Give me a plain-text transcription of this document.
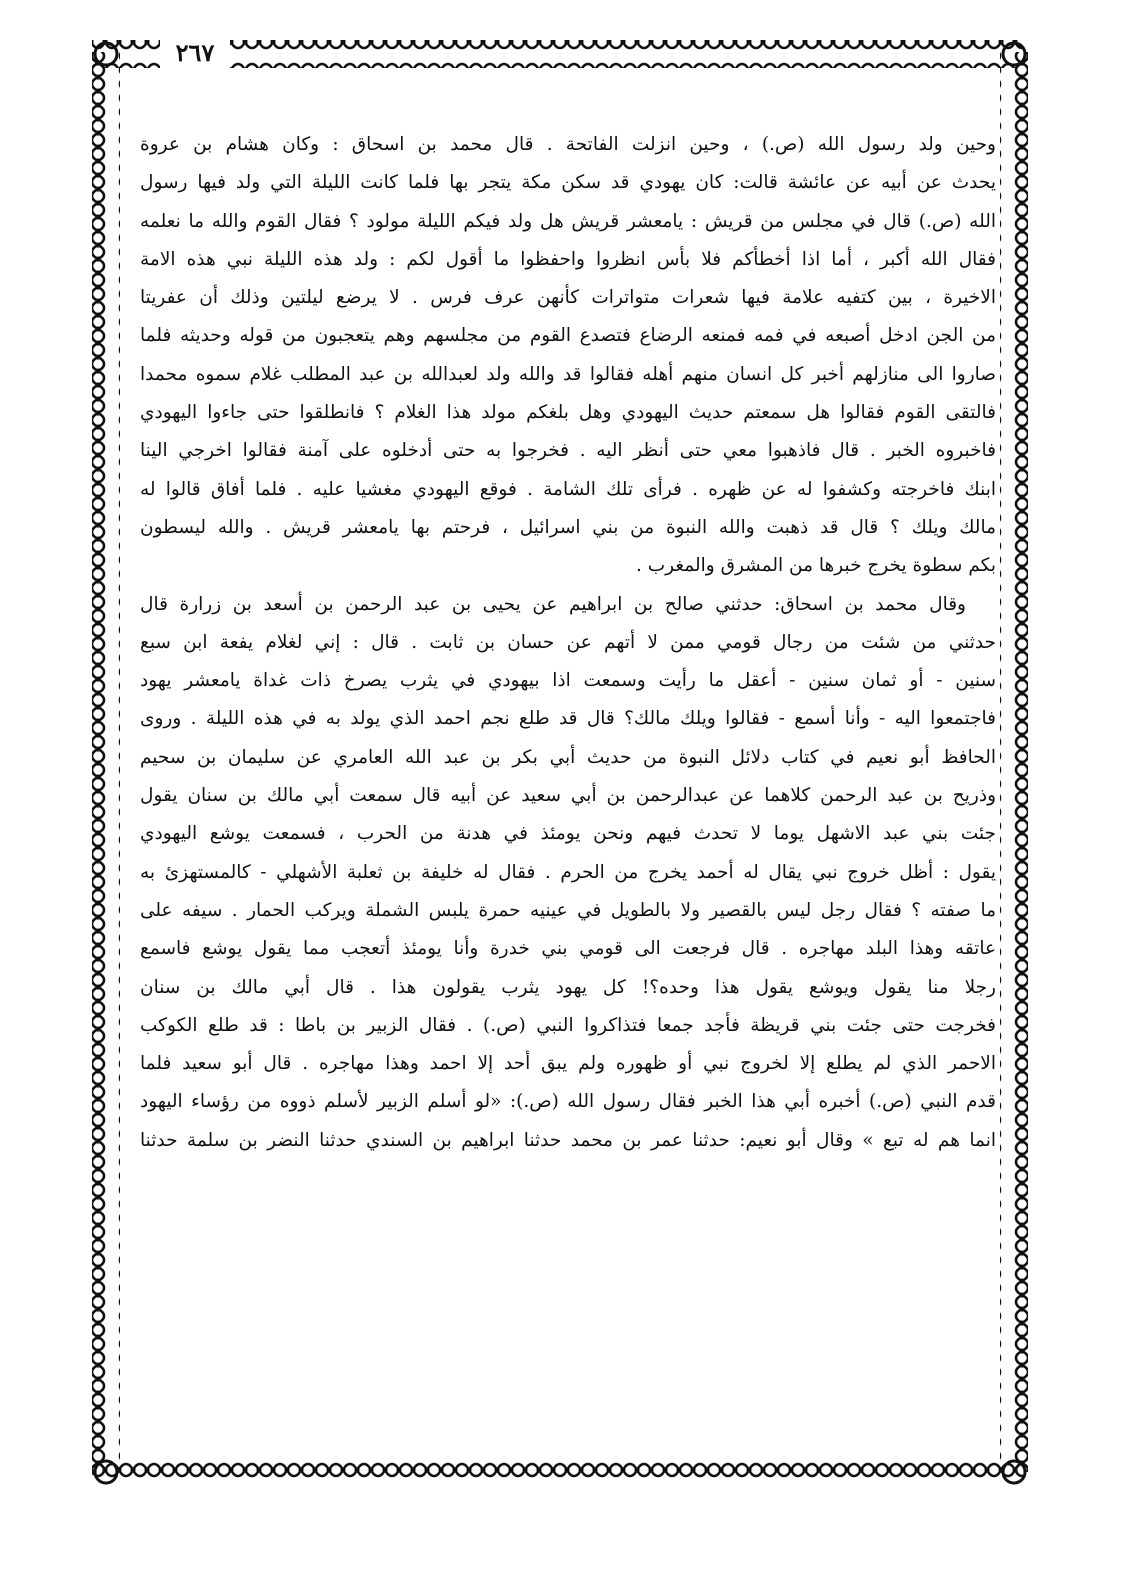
٢٦٧
وحين ولد رسول الله (ص.) ، وحين انزلت الفاتحة . قال محمد بن اسحاق : وكان هشام بن عروة
يحدث عن أبيه عن عائشة قالت: كان يهودي قد سكن مكة يتجر بها فلما كانت الليلة التي ولد فيها رسول
الله (ص.) قال في مجلس من قريش : يامعشر قريش هل ولد فيكم الليلة مولود ؟ فقال القوم والله ما نعلمه
فقال الله أكبر ، أما اذا أخطأكم فلا بأس انظروا واحفظوا ما أقول لكم : ولد هذه الليلة نبي هذه الامة
الاخيرة ، بين كتفيه علامة فيها شعرات متواترات كأنهن عرف فرس . لا يرضع ليلتين وذلك أن عفريتا
من الجن ادخل أصبعه في فمه فمنعه الرضاع فتصدع القوم من مجلسهم وهم يتعجبون من قوله وحديثه فلما
صاروا الى منازلهم أخبر كل انسان منهم أهله فقالوا قد والله ولد لعبدالله بن عبد المطلب غلام سموه محمدا
فالتقى القوم فقالوا هل سمعتم حديث اليهودي وهل بلغكم مولد هذا الغلام ؟ فانطلقوا حتى جاءوا اليهودي
فاخبروه الخبر . قال فاذهبوا معي حتى أنظر اليه . فخرجوا به حتى أدخلوه على آمنة فقالوا اخرجي الينا
ابنك فاخرجته وكشفوا له عن ظهره . فرأى تلك الشامة . فوقع اليهودي مغشيا عليه . فلما أفاق قالوا له
مالك ويلك ؟ قال قد ذهبت والله النبوة من بني اسرائيل ، فرحتم بها يامعشر قريش . والله ليسطون
بكم سطوة يخرج خبرها من المشرق والمغرب .
وقال محمد بن اسحاق: حدثني صالح بن ابراهيم عن يحيى بن عبد الرحمن بن أسعد بن زرارة قال
حدثني من شئت من رجال قومي ممن لا أتهم عن حسان بن ثابت . قال : إني لغلام يفعة ابن سبع
سنين - أو ثمان سنين - أعقل ما رأيت وسمعت اذا بيهودي في يثرب يصرخ ذات غداة يامعشر يهود
فاجتمعوا اليه - وأنا أسمع - فقالوا ويلك مالك؟ قال قد طلع نجم احمد الذي يولد به في هذه الليلة . وروى
الحافظ أبو نعيم في كتاب دلائل النبوة من حديث أبي بكر بن عبد الله العامري عن سليمان بن سحيم
وذريح بن عبد الرحمن كلاهما عن عبدالرحمن بن أبي سعيد عن أبيه قال سمعت أبي مالك بن سنان يقول
جئت بني عبد الاشهل يوما لا تحدث فيهم ونحن يومئذ في هدنة من الحرب ، فسمعت يوشع اليهودي
يقول : أظل خروج نبي يقال له أحمد يخرج من الحرم . فقال له خليفة بن ثعلبة الأشهلي - كالمستهزئ به
ما صفته ؟ فقال رجل ليس بالقصير ولا بالطويل في عينيه حمرة يلبس الشملة ويركب الحمار . سيفه على
عاتقه وهذا البلد مهاجره . قال فرجعت الى قومي بني خدرة وأنا يومئذ أتعجب مما يقول يوشع فاسمع
رجلا منا يقول ويوشع يقول هذا وحده؟! كل يهود يثرب يقولون هذا . قال أبي مالك بن سنان
فخرجت حتى جئت بني قريظة فأجد جمعا فتذاكروا النبي (ص.) . فقال الزبير بن باطا : قد طلع الكوكب
الاحمر الذي لم يطلع إلا لخروج نبي أو ظهوره ولم يبق أحد إلا احمد وهذا مهاجره . قال أبو سعيد فلما
قدم النبي (ص.) أخبره أبي هذا الخبر فقال رسول الله (ص.): «لو أسلم الزبير لأسلم ذووه من رؤساء اليهود
انما هم له تبع » وقال أبو نعيم: حدثنا عمر بن محمد حدثنا ابراهيم بن السندي حدثنا النضر بن سلمة حدثنا
